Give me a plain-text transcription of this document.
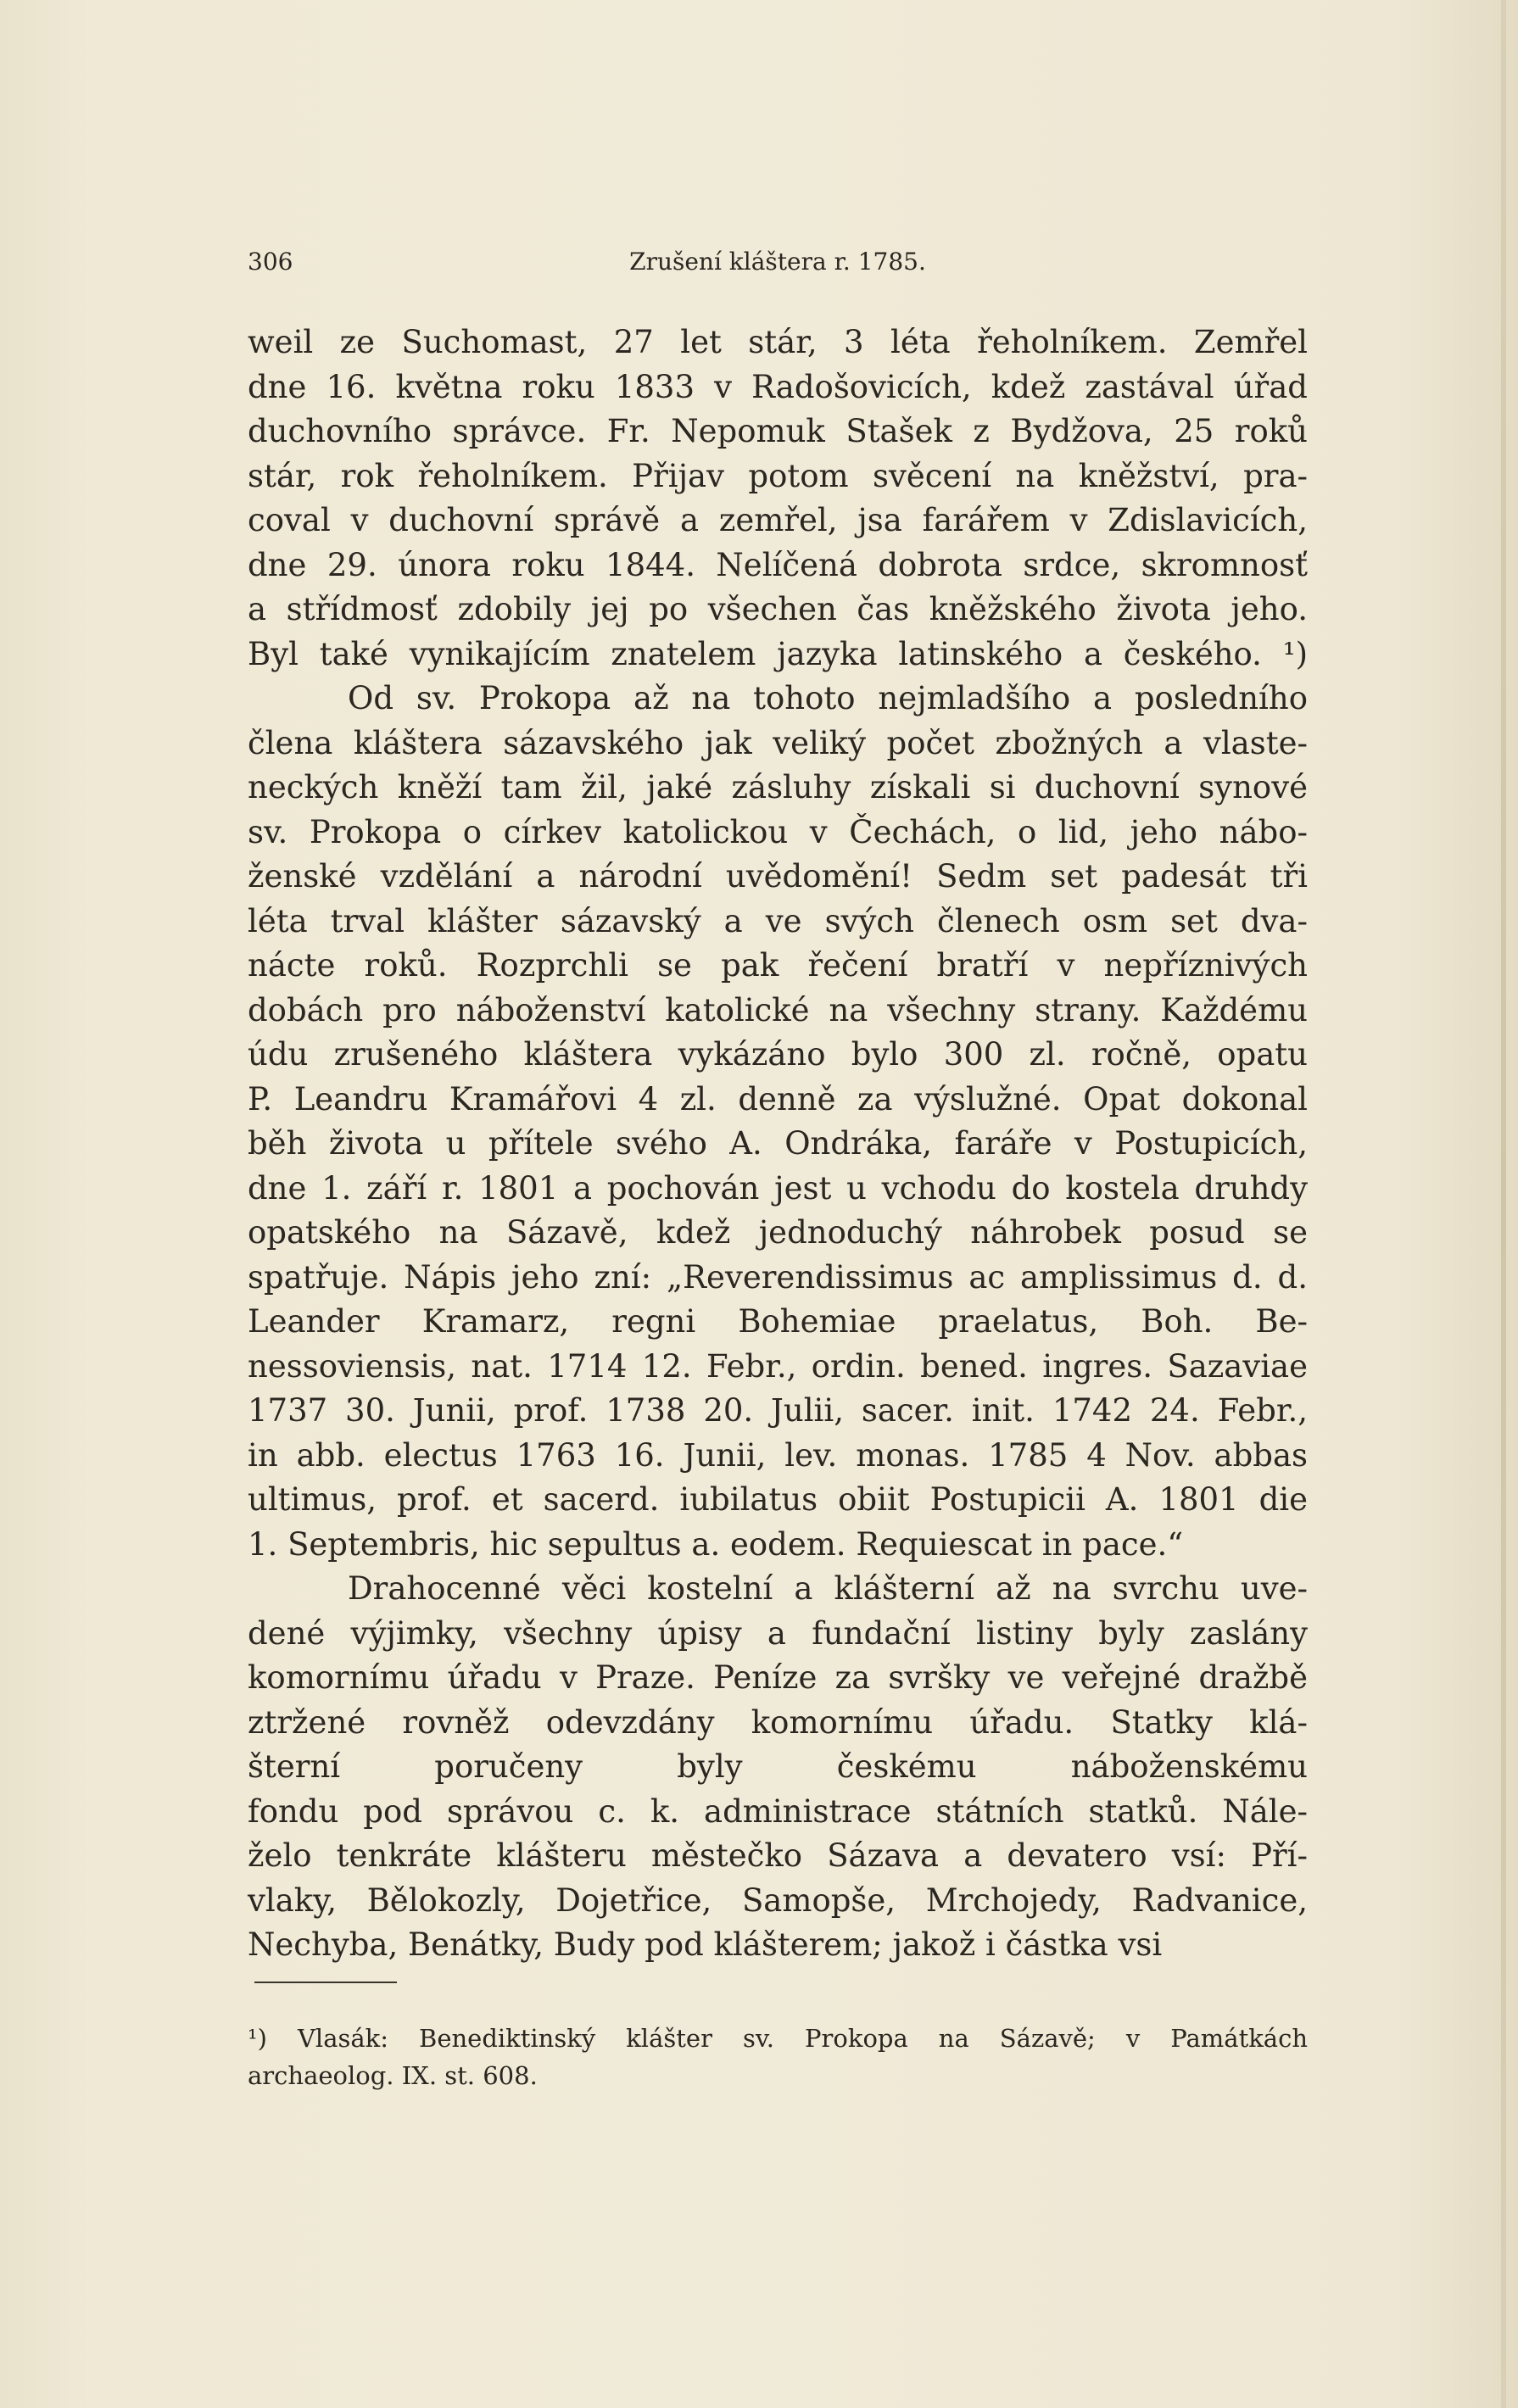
306	Zrušení kláštera r. 1785.
weil ze Suchomast, 27 let stár, 3 léta řeholníkem. Zemřel
dne 16. května roku 1833 v Radošovicích, kdež zastával úřad
duchovního správce. Fr. Nepomuk Stašek z Bydžova, 25 roků
stár, rok řeholníkem. Přijav potom svěcení na kněžství, pra-
coval v duchovní správě a zemřel, jsa farářem v Zdislavicích,
dne 29. února roku 1844. Nelíčená dobrota srdce, skromnosť
a střídmosť zdobily jej po všechen čas kněžského života jeho.
Byl také vynikajícím znatelem jazyka latinského a českého. ¹)
Od sv. Prokopa až na tohoto nejmladšího a posledního
člena kláštera sázavského jak veliký počet zbožných a vlaste-
neckých kněží tam žil, jaké zásluhy získali si duchovní synové
sv. Prokopa o církev katolickou v Čechách, o lid, jeho nábo-
ženské vzdělání a národní uvědomění! Sedm set padesát tři
léta trval klášter sázavský a ve svých členech osm set dva-
nácte roků. Rozprchli se pak řečení bratří v nepříznivých
dobách pro náboženství katolické na všechny strany. Každému
údu zrušeného kláštera vykázáno bylo 300 zl. ročně, opatu
P. Leandru Kramářovi 4 zl. denně za výslužné. Opat dokonal
běh života u přítele svého A. Ondráka, faráře v Postupicích,
dne 1. září r. 1801 a pochován jest u vchodu do kostela druhdy
opatského na Sázavě, kdež jednoduchý náhrobek posud se
spatřuje. Nápis jeho zní: „Reverendissimus ac amplissimus d. d.
Leander Kramarz, regni Bohemiae praelatus, Boh. Be-
nessoviensis, nat. 1714 12. Febr., ordin. bened. ingres. Sazaviae
1737 30. Junii, prof. 1738 20. Julii, sacer. init. 1742 24. Febr.,
in abb. electus 1763 16. Junii, lev. monas. 1785 4 Nov. abbas
ultimus, prof. et sacerd. iubilatus obiit Postupicii A. 1801 die
1. Septembris, hic sepultus a. eodem. Requiescat in pace.“
Drahocenné věci kostelní a klášterní až na svrchu uve-
dené výjimky, všechny úpisy a fundační listiny byly zaslány
komornímu úřadu v Praze. Peníze za svršky ve veřejné dražbě
ztržené rovněž odevzdány komornímu úřadu. Statky klá-
šterní poručeny byly českému náboženskému
fondu pod správou c. k. administrace státních statků. Nále-
želo tenkráte klášteru městečko Sázava a devatero vsí: Pří-
vlaky, Bělokozly, Dojetřice, Samopše, Mrchojedy, Radvanice,
Nechyba, Benátky, Budy pod klášterem; jakož i částka vsi
¹) Vlasák: Benediktinský klášter sv. Prokopa na Sázavě; v Památkách
archaeolog. IX. st. 608.
